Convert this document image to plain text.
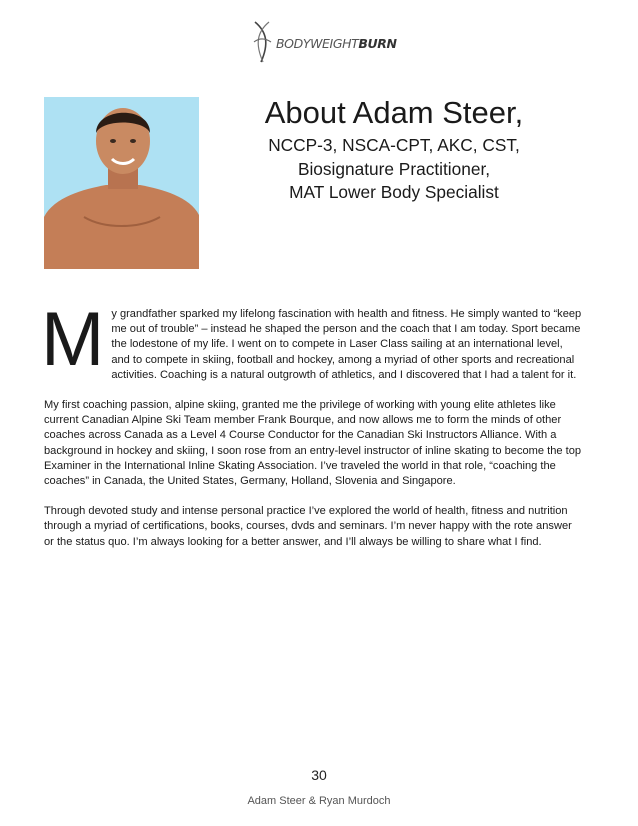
BODYWEIGHTBURN
About Adam Steer,
NCCP-3, NSCA-CPT, AKC, CST,
Biosignature Practitioner,
MAT Lower Body Specialist

M y grandfather sparked my lifelong fascination with health and fitness. He simply wanted to “keep me out of trouble” – instead he shaped the person and the coach that I am today. Sport became the lodestone of my life. I went on to compete in Laser Class sailing at an international level, and to compete in skiing, football and hockey, among a myriad of other sports and recreational activities. Coaching is a natural outgrowth of athletics, and I discovered that I had a talent for it.

My first coaching passion, alpine skiing, granted me the privilege of working with young elite athletes like current Canadian Alpine Ski Team member Frank Bourque, and now allows me to form the minds of other coaches across Canada as a Level 4 Course Conductor for the Canadian Ski Instructors Alliance. With a background in hockey and skiing, I soon rose from an entry-level instructor of inline skating to become the top Examiner in the International Inline Skating Association. I’ve traveled the world in that role, “coaching the coaches” in Canada, the United States, Germany, Holland, Slovenia and Singapore.

Through devoted study and intense personal practice I’ve explored the world of health, fitness and nutrition through a myriad of certifications, books, courses, dvds and seminars. I’m never happy with the rote answer or the status quo. I’m always looking for a better answer, and I’ll always be willing to share what I find.

30
Adam Steer & Ryan Murdoch
